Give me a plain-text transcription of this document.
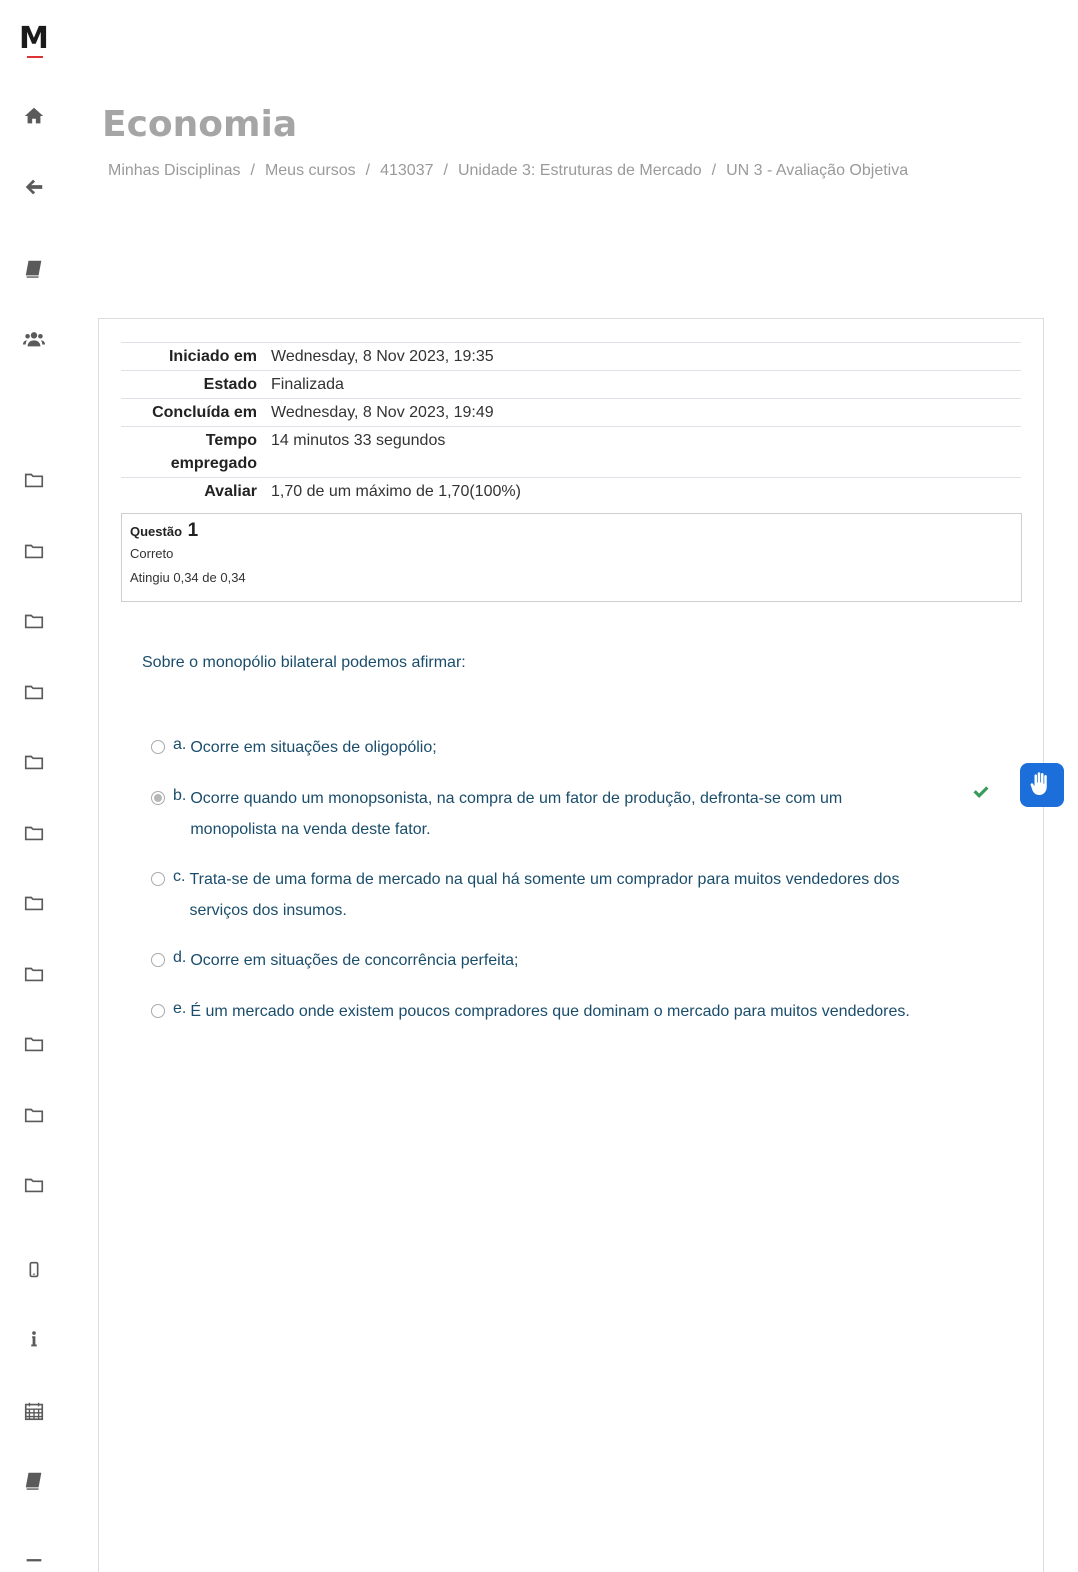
M
Economia
Minhas Disciplinas / Meus cursos / 413037 / Unidade 3: Estruturas de Mercado / UN 3 - Avaliação Objetiva
Iniciado em	Wednesday, 8 Nov 2023, 19:35
Estado	Finalizada
Concluída em	Wednesday, 8 Nov 2023, 19:49
Tempo empregado	14 minutos 33 segundos
Avaliar	1,70 de um máximo de 1,70(100%)
Questão 1
Correto
Atingiu 0,34 de 0,34
Sobre o monopólio bilateral podemos afirmar:
a. Ocorre em situações de oligopólio;
b. Ocorre quando um monopsonista, na compra de um fator de produção, defronta-se com um monopolista na venda deste fator.
c. Trata-se de uma forma de mercado na qual há somente um comprador para muitos vendedores dos serviços dos insumos.
d. Ocorre em situações de concorrência perfeita;
e. É um mercado onde existem poucos compradores que dominam o mercado para muitos vendedores.
